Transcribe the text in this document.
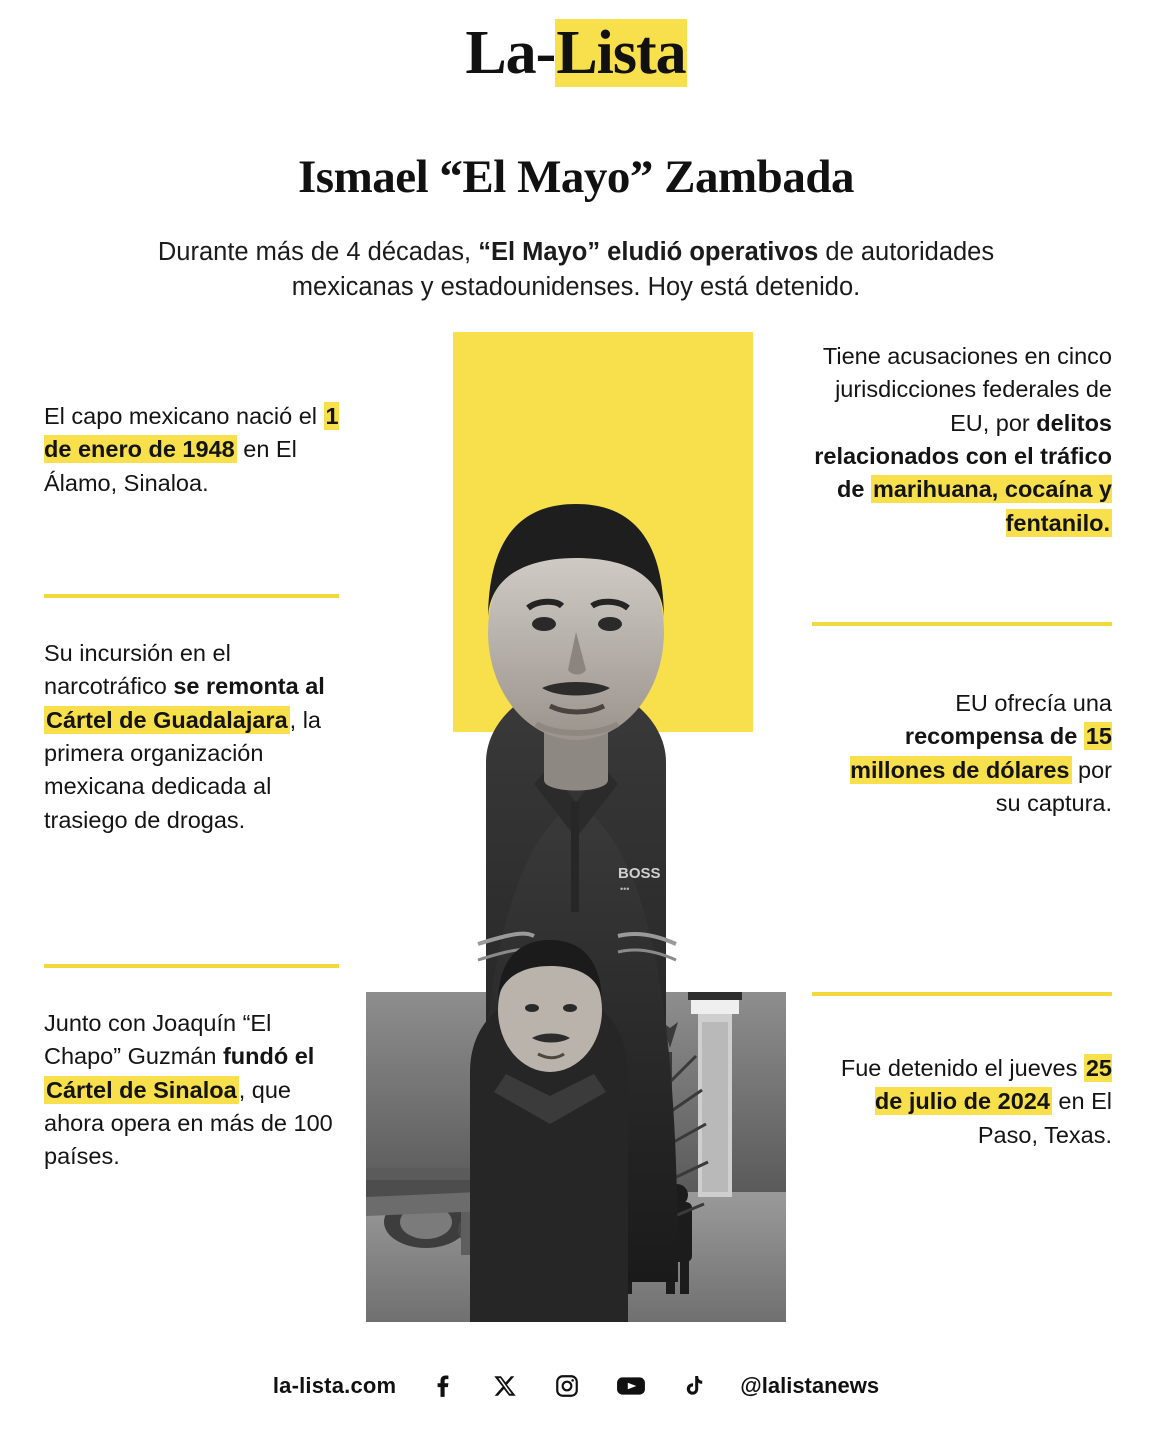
La-Lista
Ismael “El Mayo” Zambada

Durante más de 4 décadas, “El Mayo” eludió operativos de autoridades mexicanas y estadounidenses. Hoy está detenido.

BOSS
•••
El capo mexicano nació el 1 de enero de 1948 en El Álamo, Sinaloa.
Su incursión en el narcotráfico se remonta al Cártel de Guadalajara, la primera organización mexicana dedicada al trasiego de drogas.
Junto con Joaquín “El Chapo” Guzmán fundó el Cártel de Sinaloa, que ahora opera en más de 100 países.
Tiene acusaciones en cinco jurisdicciones federales de EU, por delitos relacionados con el tráfico de marihuana, cocaína y fentanilo.
EU ofrecía una recompensa de 15 millones de dólares por su captura.
Fue detenido el jueves 25 de julio de 2024 en El Paso, Texas.
la-lista.com	@lalistanews
